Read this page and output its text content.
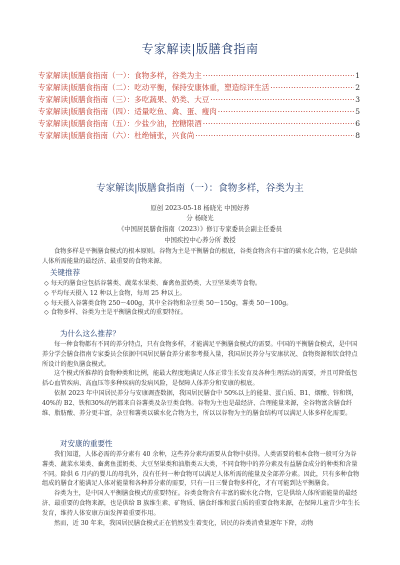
专家解读|版膳食指南
专家解读|版膳食指南（一）：食物多样，谷类为主 ·····	1
专家解读|版膳食指南（二）：吃动平衡，保持安康体重，塑造综评生活 ·····	2
专家解读|版膳食指南（三）：多吃蔬果、奶类、大豆 ·····	3
专家解读|版膳食指南（四）：适量吃鱼、禽、蛋、瘦肉 ·····	5
专家解读|版膳食指南（五）：少盐少油，控糖限酒 ·····	6
专家解读|版膳食指南（六）：杜绝铺张，兴食尚 ·····	8
专家解读|版膳食指南（一）：食物多样，谷类为主
原创 2023-05-18 杨晓光 中国好养
分 杨晓光
《中国居民膳食指南（2023）》修订专家委员会副主任委员
中国疾控中心养分所 教授

食物多样是平衡膳食模式的根本原则。谷物为主是平衡膳食的根底，谷类食物含有丰富的碳水化合物，它是供给人体所需能量的最经济、最重要的食物来源。

关键推荐
◇ 每天的膳食应包括谷薯类、蔬菜水果类、畜禽鱼蛋奶类、大豆坚果类等食物。
◇ 平均每天摄入 12 种以上食物，每周 25 种以上。
◇ 每天摄入谷薯类食物 250～400g，其中全谷物和杂豆类 50～150g，薯类 50～100g。
◇ 食物多样、谷类为主是平衡膳食模式的重要特征。
为什么这么推荐？

每一种食物都有不同的养分特点，只有食物多样，才能满足平衡膳食模式的需要。中国的平衡膳食模式，是中国养分学会膳食指南专家委员会依据中国居民膳食养分素参考摄入量，我国居民养分与安康状况、食物资源和饮食特点所设计的抱负膳食模式。

这个模式所推荐的食物种类和比例，能最大程度地满足人体正常生长发育及各种生理活动的需要，并且可降低包括心血管疾病、高血压等多种疾病的发病风险，是保障人体养分和安康的根底。

依据 2023 年中国居民养分与安康调查数据，我国居民膳食中 50%以上的能量、蛋白质、B1、烟酸、锌和镁，40%的 B2、铁和30%的钙都来自谷薯类及杂豆类食物。谷物为主也是最经济、合理能量来源，全谷物富含膳食纤维、脂肪酸、养分更丰富，杂豆和薯类以碳水化合物为主，所以以谷物为主的膳食结构可以满足人体多样化需要。

对安康的重要性

我们知道，人体必需的养分素有 40 余种，这些养分素均需要从食物中获得。人类需要的根本食物一般可分为谷薯类、蔬菜水果类、畜禽鱼蛋奶类、大豆坚果类和油脂类五大类，不同食物中的养分素及有益膳食成分的种类和含量不同。除供 6 月内的婴儿的母乳外，没有任何一种食物可以满足人体所需的能量及全部养分素。因此，只有多种食物组成的膳食才能满足人体对能量和各种养分素的需要，只有一日三餐食物多样化，才有可能到达平衡膳食。

谷类为主，是中国人平衡膳食模式的重要特征。谷类食物含有丰富的碳水化合物，它是供给人体所需能量的最经济、最重要的食物来源，也是供给 B 族维生素、矿物质、膳食纤维和蛋白质的重要食物来源，在保障儿童青少年生长发育，维持人体安康方面发挥着重要作用。

然而，近 30 年来，我国居民膳食模式正在悄然发生着变化，居民的谷类消费量逐年下降，动物
